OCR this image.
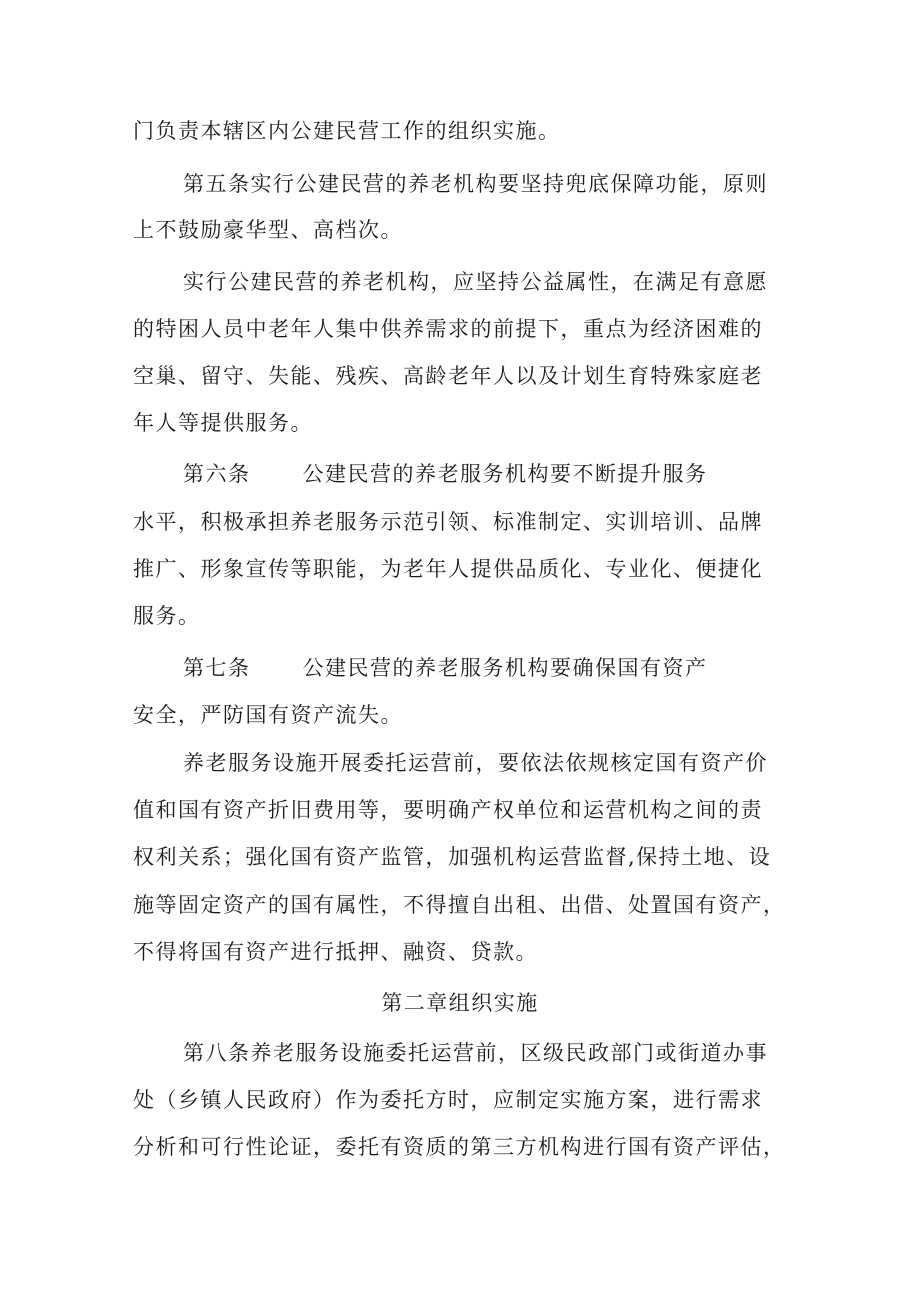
门负责本辖区内公建民营工作的组织实施。
第五条实行公建民营的养老机构要坚持兜底保障功能，原则
上不鼓励豪华型、高档次。
实行公建民营的养老机构，应坚持公益属性，在满足有意愿
的特困人员中老年人集中供养需求的前提下，重点为经济困难的
空巢、留守、失能、残疾、高龄老年人以及计划生育特殊家庭老
年人等提供服务。
第六条 公建民营的养老服务机构要不断提升服务
水平，积极承担养老服务示范引领、标准制定、实训培训、品牌
推广、形象宣传等职能，为老年人提供品质化、专业化、便捷化
服务。
第七条 公建民营的养老服务机构要确保国有资产
安全，严防国有资产流失。
养老服务设施开展委托运营前，要依法依规核定国有资产价
值和国有资产折旧费用等，要明确产权单位和运营机构之间的责
权利关系；强化国有资产监管，加强机构运营监督,保持土地、设
施等固定资产的国有属性，不得擅自出租、出借、处置国有资产，
不得将国有资产进行抵押、融资、贷款。
第二章组织实施
第八条养老服务设施委托运营前，区级民政部门或街道办事
处（乡镇人民政府）作为委托方时，应制定实施方案，进行需求
分析和可行性论证，委托有资质的第三方机构进行国有资产评估，
